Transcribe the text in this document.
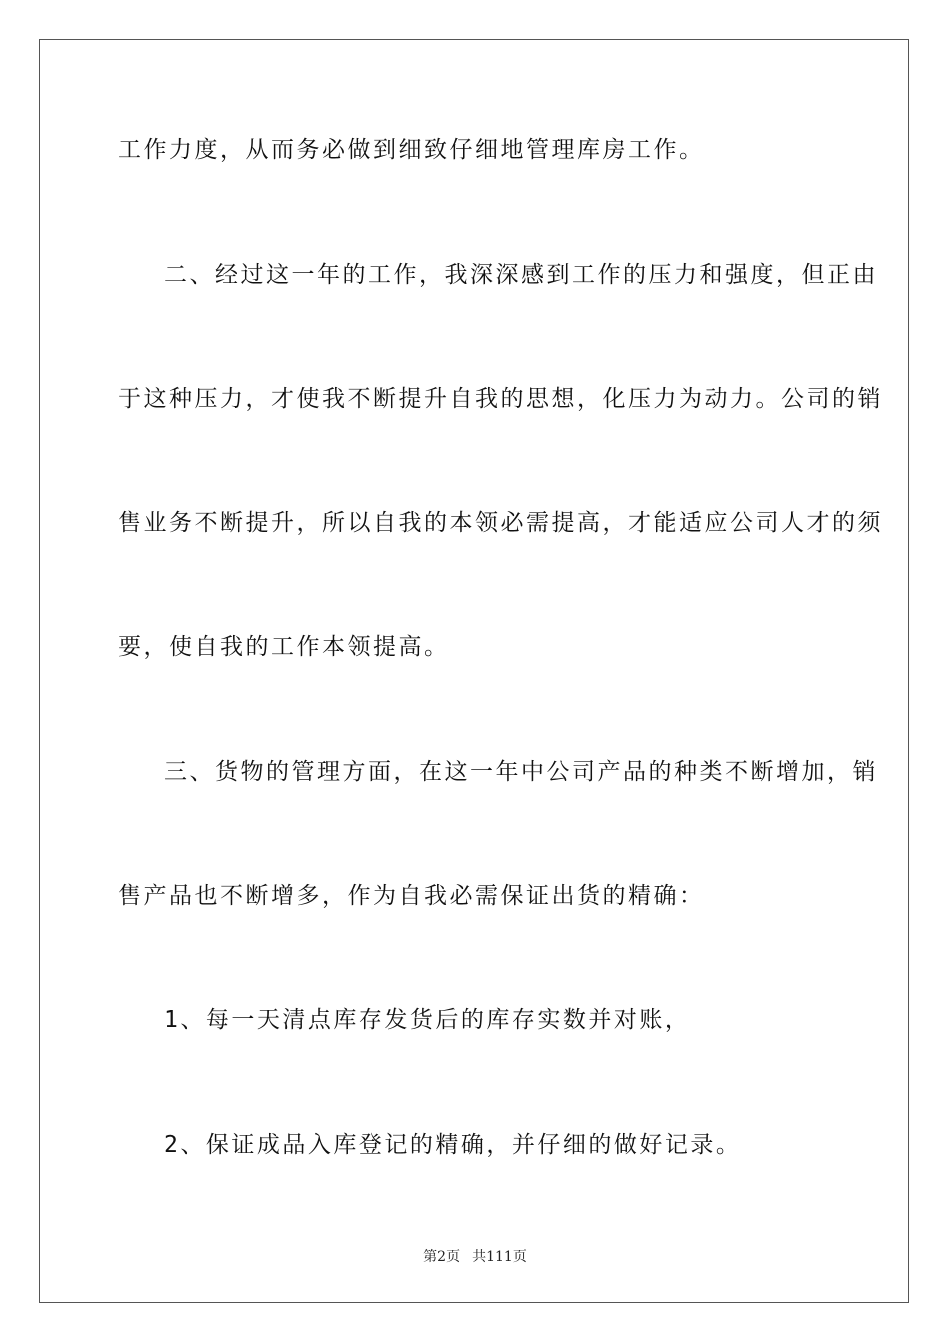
工作力度，从而务必做到细致仔细地管理库房工作。
二、经过这一年的工作，我深深感到工作的压力和强度，但正由
于这种压力，才使我不断提升自我的思想，化压力为动力。公司的销
售业务不断提升，所以自我的本领必需提高，才能适应公司人才的须
要，使自我的工作本领提高。
三、货物的管理方面，在这一年中公司产品的种类不断增加，销
售产品也不断增多，作为自我必需保证出货的精确：
1、每一天清点库存发货后的库存实数并对账，
2、保证成品入库登记的精确，并仔细的做好记录。
第2页 共111页
